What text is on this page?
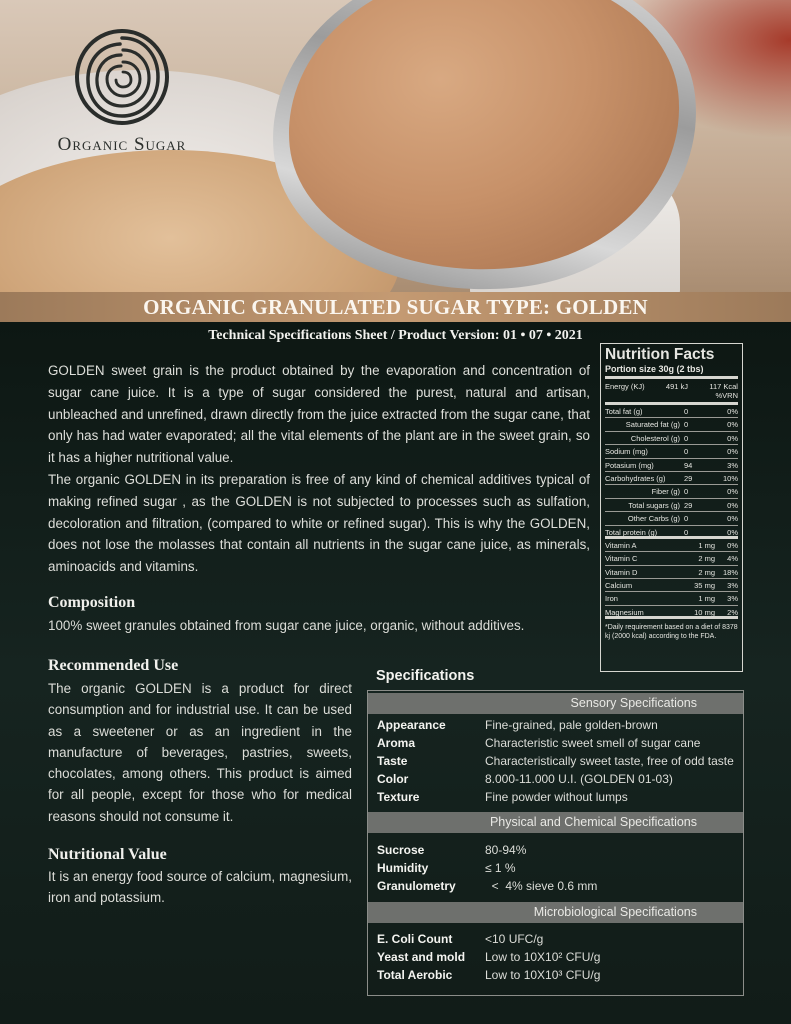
Organic Sugar
ORGANIC GRANULATED SUGAR TYPE: GOLDEN
Technical Specifications Sheet / Product Version: 01 • 07 • 2021

GOLDEN sweet grain is the product obtained by the evaporation and concentration of sugar cane juice. It is a type of sugar considered the purest, natural and artisan, unbleached and unrefined, drawn directly from the juice extracted from the sugar cane, that only has had water evaporated; all the vital elements of the plant are in the sweet grain, so it has a higher nutritional value.

The organic GOLDEN in its preparation is free of any kind of chemical additives typical of making refined sugar , as the GOLDEN is not subjected to processes such as sulfation, decoloration and filtration, (compared to white or refined sugar). This is why the GOLDEN, does not lose the molasses that contain all nutrients in the sugar cane juice, as minerals, aminoacids and vitamins.

Composition
100% sweet granules obtained from sugar cane juice, organic, without additives.
Recommended Use
The organic GOLDEN is a product for direct consumption and for industrial use. It can be used as a sweetener or as an ingredient in the manufacture of beverages, pastries, sweets, chocolates, among others. This product is aimed for all people, except for those who for medical reasons should not consume it.
Nutritional Value
It is an energy food source of calcium, magnesium, iron and potassium.
Nutrition Facts
Portion size 30g (2 tbs)
Energy (KJ)	491 kJ	117 Kcal
%VRN
Total fat (g)	0	0%
Saturated fat (g) 0	0%
Cholesterol (g) 0	0%
Sodium (mg)	0	0%
Potasium (mg)	94	3%
Carbohydrates (g)	29	10%
Fiber (g) 0	0%
Total sugars (g) 29	0%
Other Carbs (g) 0	0%
Total protein (g)	0	0%
Vitamin A	1 mg	0%
Vitamin C	2 mg	4%
Vitamin D	2 mg	18%
Calcium	35 mg	3%
Iron	1 mg	3%
Magnesium	10 mg	2%
*Daily requirement based on a diet of 8378 kj (2000 kcal) according to the FDA.
Specifications
Sensory Specifications
Appearance	Fine-grained, pale golden-brown
Aroma	Characteristic sweet smell of sugar cane
Taste	Characteristically sweet taste, free of odd taste
Color	8.000-11.000 U.I. (GOLDEN 01-03)
Texture	Fine powder without lumps
Physical and Chemical Specifications
Sucrose	80-94%
Humidity	≤ 1 %
Granulometry  <  4% sieve 0.6 mm
Microbiological Specifications
E. Coli Count	<10 UFC/g
Yeast and mold Low to 10X10² CFU/g
Total Aerobic	Low to 10X10³ CFU/g
